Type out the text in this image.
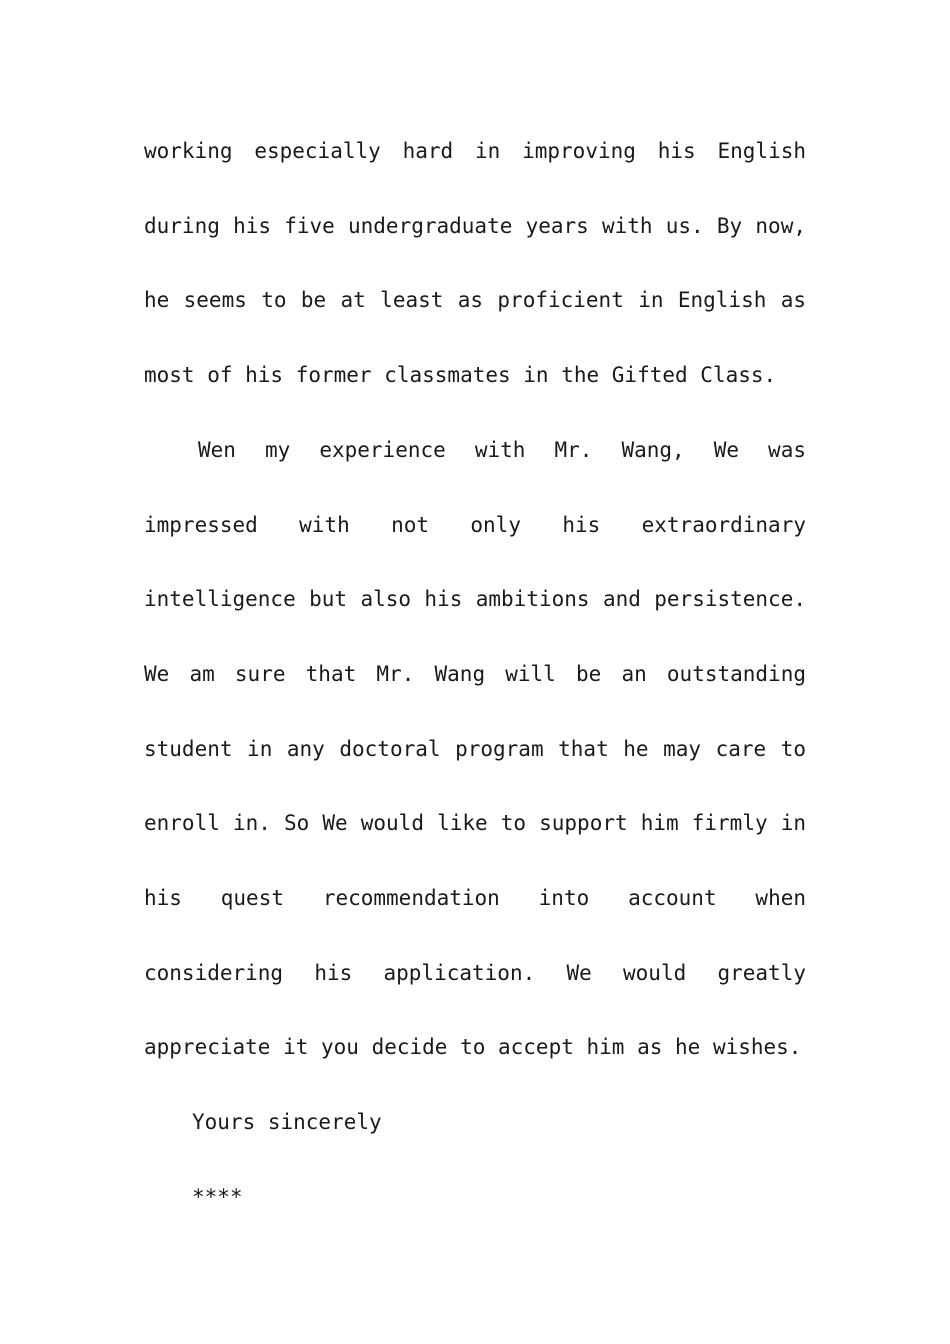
working especially hard in improving his English during his five undergraduate years with us. By now, he seems to be at least as proficient in English as most of his former classmates in the Gifted Class.

Wen my experience with Mr. Wang, We was impressed with not only his extraordinary intelligence but also his ambitions and persistence. We am sure that Mr. Wang will be an outstanding student in any doctoral program that he may care to enroll in. So We would like to support him firmly in his quest recommendation into account when considering his application. We would greatly appreciate it you decide to accept him as he wishes.

Yours sincerely

****
